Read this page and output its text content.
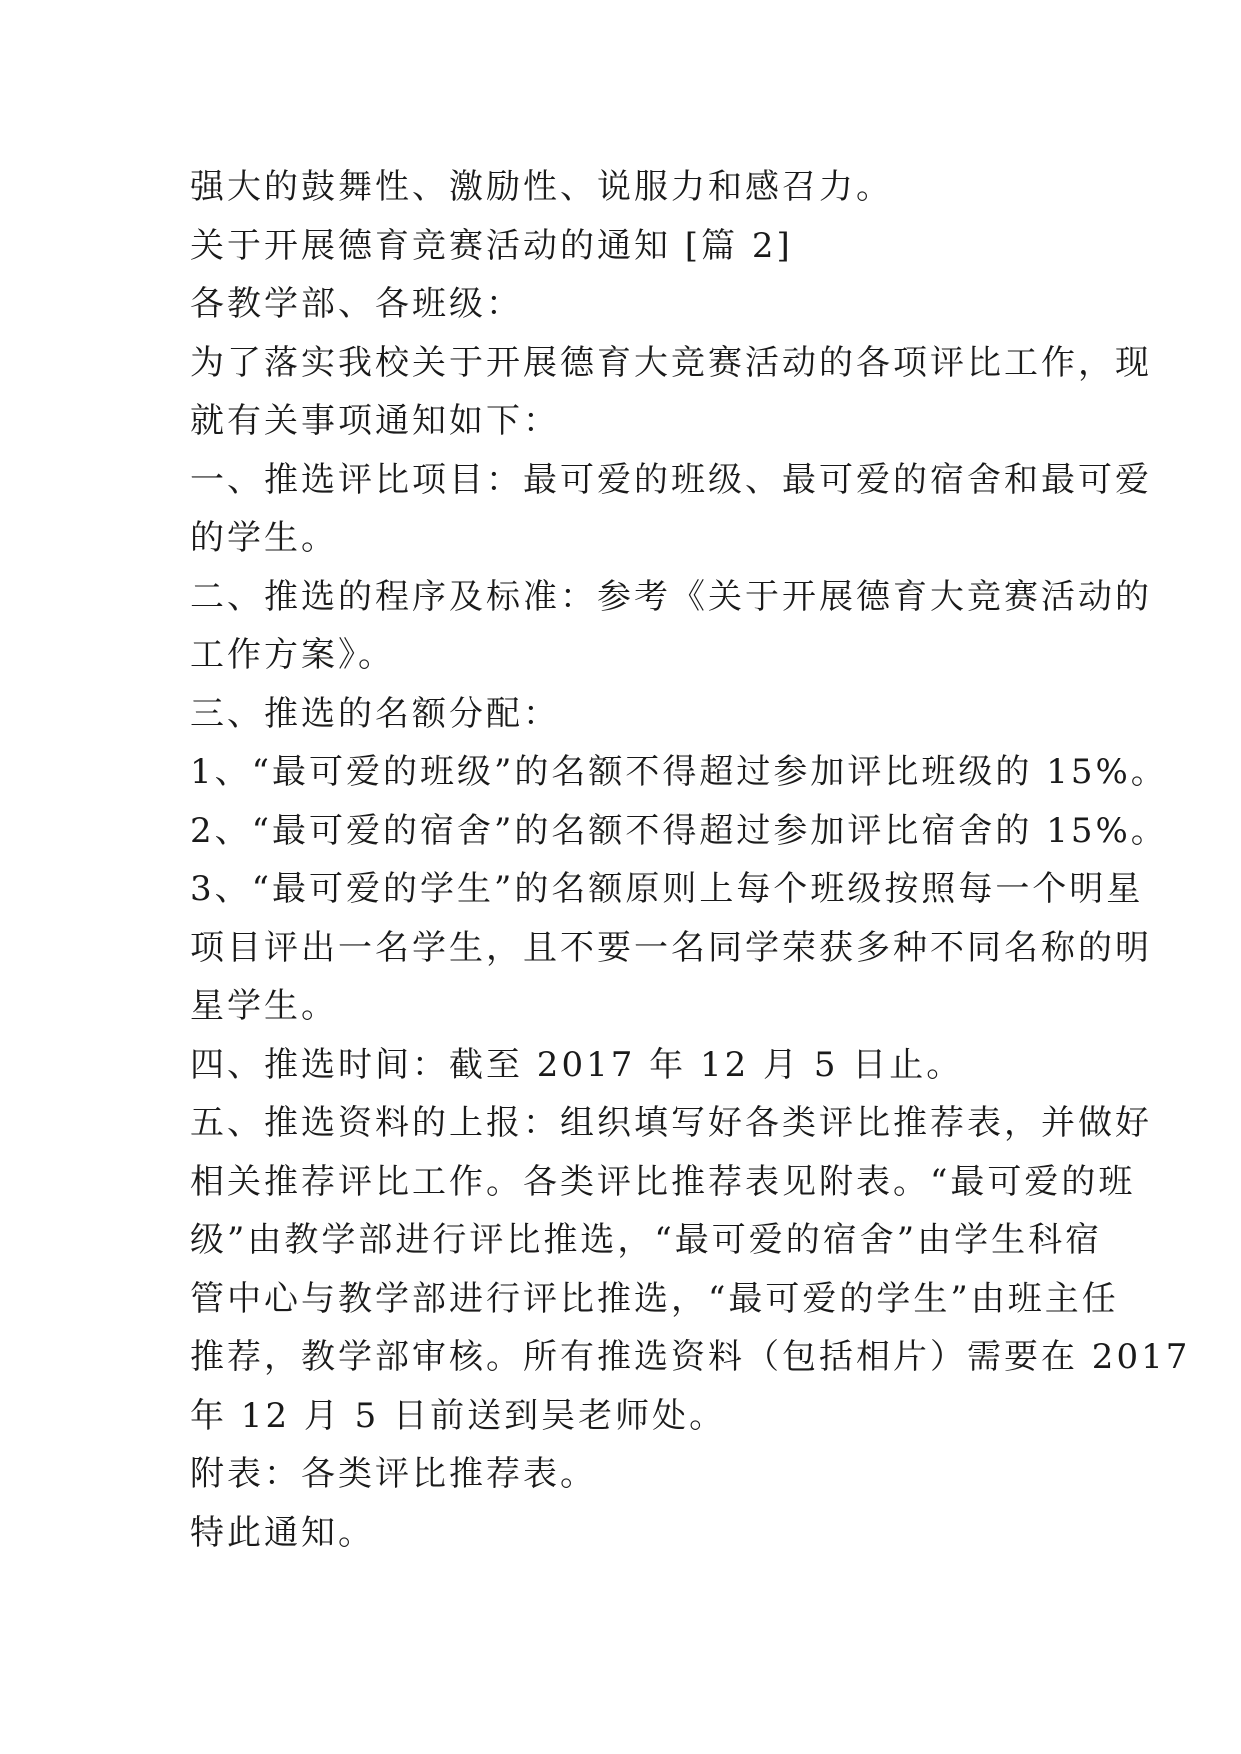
强大的鼓舞性、激励性、说服力和感召力。
关于开展德育竞赛活动的通知 [篇 2]
各教学部、各班级：
为了落实我校关于开展德育大竞赛活动的各项评比工作，现
就有关事项通知如下：
一、推选评比项目：最可爱的班级、最可爱的宿舍和最可爱
的学生。
二、推选的程序及标准：参考《关于开展德育大竞赛活动的
工作方案》。
三、推选的名额分配：
1、“最可爱的班级”的名额不得超过参加评比班级的 15%。
2、“最可爱的宿舍”的名额不得超过参加评比宿舍的 15%。
3、“最可爱的学生”的名额原则上每个班级按照每一个明星
项目评出一名学生，且不要一名同学荣获多种不同名称的明
星学生。
四、推选时间：截至 2017 年 12 月 5 日止。
五、推选资料的上报：组织填写好各类评比推荐表，并做好
相关推荐评比工作。各类评比推荐表见附表。“最可爱的班
级”由教学部进行评比推选，“最可爱的宿舍”由学生科宿
管中心与教学部进行评比推选，“最可爱的学生”由班主任
推荐，教学部审核。所有推选资料（包括相片）需要在 2017
年 12 月 5 日前送到吴老师处。
附表：各类评比推荐表。
特此通知。
